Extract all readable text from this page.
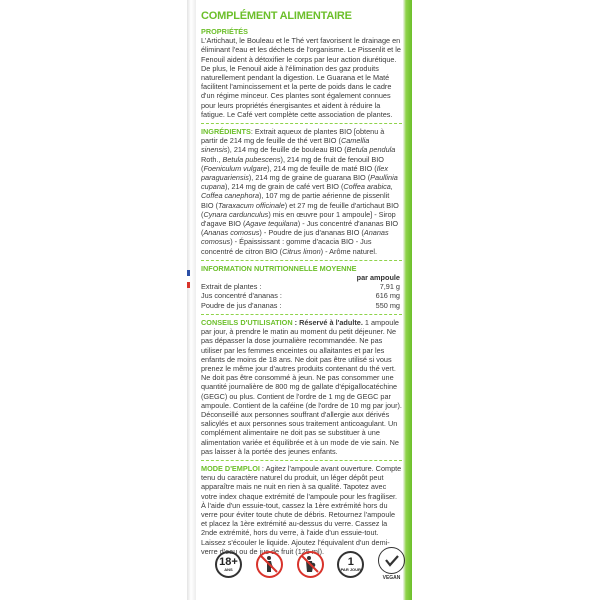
COMPLÉMENT ALIMENTAIRE
PROPRIÉTÉS

L'Artichaut, le Bouleau et le Thé vert favorisent le drainage en éliminant l'eau et les déchets de l'organisme. Le Pissenlit et le Fenouil aident à détoxifier le corps par leur action diurétique. De plus, le Fenouil aide à l'élimination des gaz produits naturellement pendant la digestion. Le Guarana et le Maté facilitent l'amincissement et la perte de poids dans le cadre d'un régime minceur. Ces plantes sont également connues pour leurs propriétés énergisantes et aident à réduire la fatigue. Le Café vert complète cette association de plantes.

INGRÉDIENTS: Extrait aqueux de plantes BIO [obtenu à partir de 214 mg de feuille de thé vert BIO (Camellia sinensis), 214 mg de feuille de bouleau BIO (Betula pendula Roth., Betula pubescens), 214 mg de fruit de fenouil BIO (Foeniculum vulgare), 214 mg de feuille de maté BIO (Ilex paraguariensis), 214 mg de graine de guarana BIO (Paullinia cupana), 214 mg de grain de café vert BIO (Coffea arabica, Coffea canephora), 107 mg de partie aérienne de pissenlit BIO (Taraxacum officinale) et 27 mg de feuille d'artichaut BIO (Cynara cardunculus) mis en œuvre pour 1 ampoule] - Sirop d'agave BIO (Agave tequilana) - Jus concentré d'ananas BIO (Ananas comosus) - Poudre de jus d'ananas BIO (Ananas comosus) - Épaississant : gomme d'acacia BIO - Jus concentré de citron BIO (Citrus limon) - Arôme naturel.

INFORMATION NUTRITIONNELLE MOYENNE
par ampoule
Extrait de plantes :	7,91 g
Jus concentré d'ananas :	616 mg
Poudre de jus d'ananas :	550 mg

CONSEILS D'UTILISATION : Réservé à l'adulte. 1 ampoule par jour, à prendre le matin au moment du petit déjeuner. Ne pas dépasser la dose journalière recommandée. Ne pas utiliser par les femmes enceintes ou allaitantes et par les enfants de moins de 18 ans. Ne doit pas être utilisé si vous prenez le même jour d'autres produits contenant du thé vert. Ne doit pas être consommé à jeun. Ne pas consommer une quantité journalière de 800 mg de gallate d'épigallocatéchine (GEGC) ou plus. Contient de l'ordre de 1 mg de GEGC par ampoule. Contient de la caféine (de l'ordre de 10 mg par jour). Déconseillé aux personnes souffrant d'allergie aux dérivés salicylés et aux personnes sous traitement anticoagulant. Un complément alimentaire ne doit pas se substituer à une alimentation variée et équilibrée et à un mode de vie sain. Ne pas laisser à la portée des jeunes enfants.

MODE D'EMPLOI : Agitez l'ampoule avant ouverture. Compte tenu du caractère naturel du produit, un léger dépôt peut apparaître mais ne nuit en rien à sa qualité. Tapotez avec votre index chaque extrémité de l'ampoule pour les fragiliser. À l'aide d'un essuie-tout, cassez la 1ère extrémité hors du verre pour éviter toute chute de débris. Retournez l'ampoule et placez la 1ère extrémité au-dessus du verre. Cassez la 2nde extrémité, hors du verre, à l'aide d'un essuie-tout. Laissez s'écouler le liquide. Ajoutez l'équivalent d'un demi-verre d'eau ou de jus de fruit (125 ml).

18+
ANS
1
PAR JOUR
VEGAN
